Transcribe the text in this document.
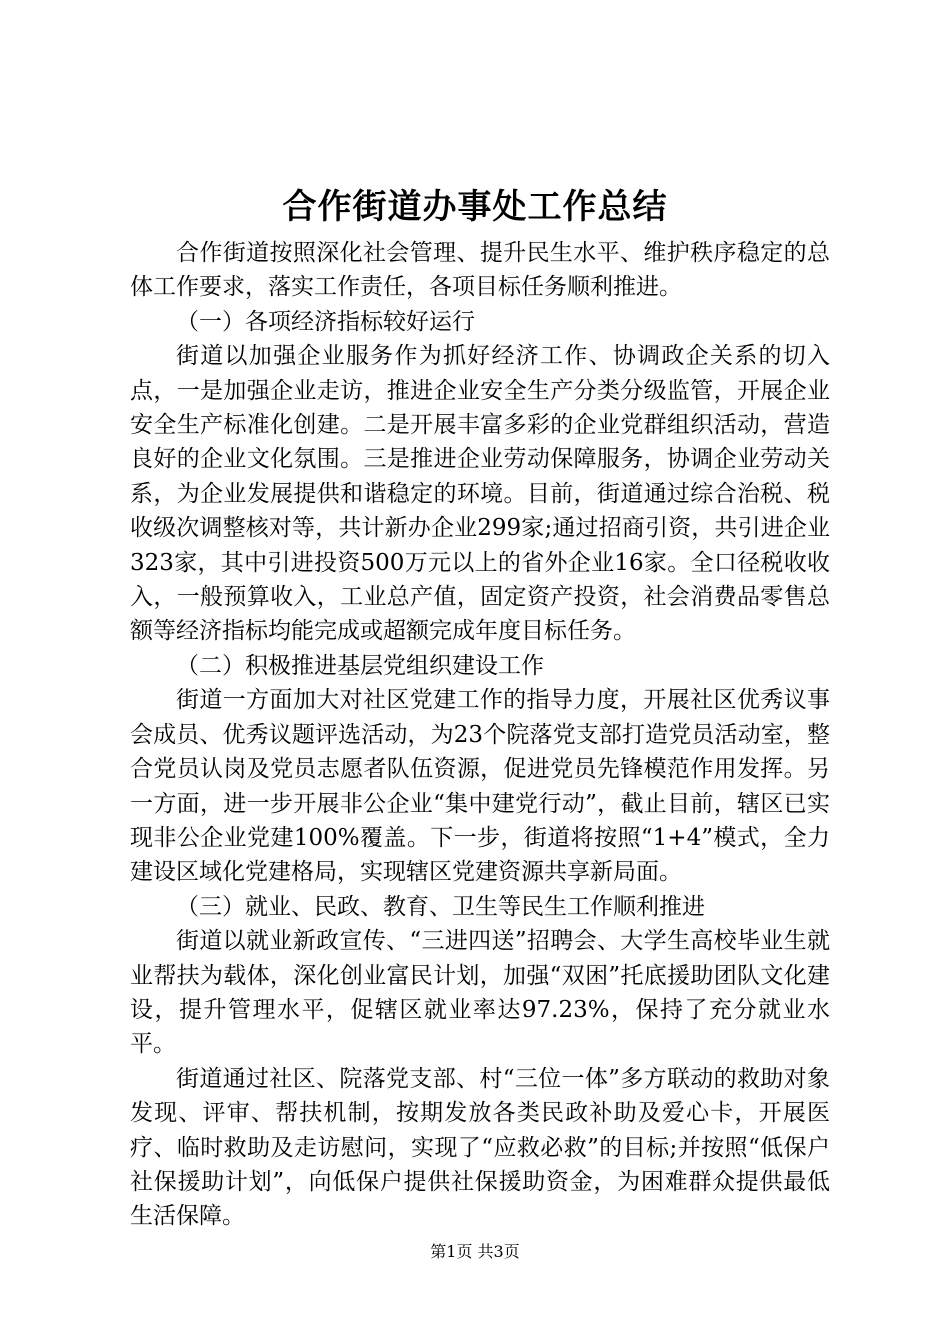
合作街道办事处工作总结

合作街道按照深化社会管理、提升民生水平、维护秩序稳定的总体工作要求，落实工作责任，各项目标任务顺利推进。

（一）各项经济指标较好运行

街道以加强企业服务作为抓好经济工作、协调政企关系的切入点，一是加强企业走访，推进企业安全生产分类分级监管，开展企业安全生产标准化创建。二是开展丰富多彩的企业党群组织活动，营造良好的企业文化氛围。三是推进企业劳动保障服务，协调企业劳动关系，为企业发展提供和谐稳定的环境。目前，街道通过综合治税、税收级次调整核对等，共计新办企业299家;通过招商引资，共引进企业323家，其中引进投资500万元以上的省外企业16家。全口径税收收入，一般预算收入，工业总产值，固定资产投资，社会消费品零售总额等经济指标均能完成或超额完成年度目标任务。

（二）积极推进基层党组织建设工作

街道一方面加大对社区党建工作的指导力度，开展社区优秀议事会成员、优秀议题评选活动，为23个院落党支部打造党员活动室，整合党员认岗及党员志愿者队伍资源，促进党员先锋模范作用发挥。另一方面，进一步开展非公企业“集中建党行动”，截止目前，辖区已实现非公企业党建100%覆盖。下一步，街道将按照“1+4”模式，全力建设区域化党建格局，实现辖区党建资源共享新局面。

（三）就业、民政、教育、卫生等民生工作顺利推进

街道以就业新政宣传、“三进四送”招聘会、大学生高校毕业生就业帮扶为载体，深化创业富民计划，加强“双困”托底援助团队文化建设，提升管理水平，促辖区就业率达97.23%，保持了充分就业水平。

街道通过社区、院落党支部、村“三位一体”多方联动的救助对象发现、评审、帮扶机制，按期发放各类民政补助及爱心卡，开展医疗、临时救助及走访慰问，实现了“应救必救”的目标;并按照“低保户社保援助计划”，向低保户提供社保援助资金，为困难群众提供最低生活保障。

第1页 共3页
